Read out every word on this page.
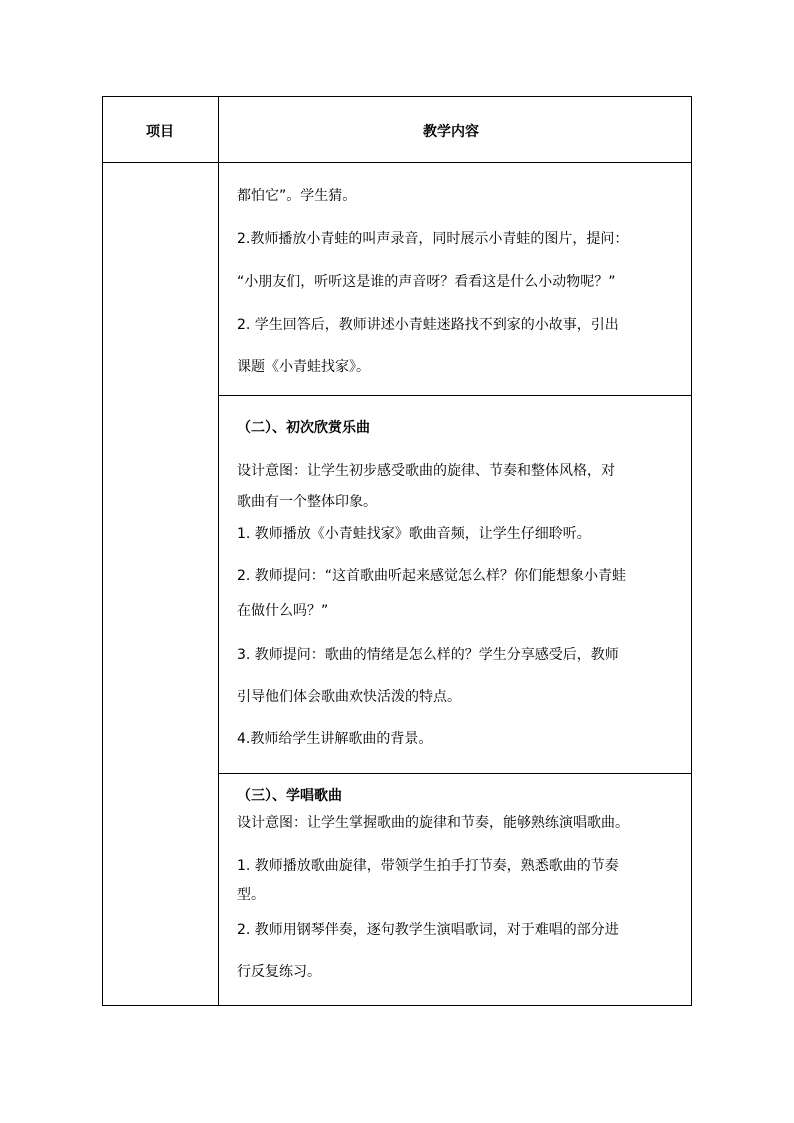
项目	教学内容
都怕它”。学生猜。
2.教师播放小青蛙的叫声录音，同时展示小青蛙的图片，提问：
“小朋友们，听听这是谁的声音呀？看看这是什么小动物呢？”
2. 学生回答后，教师讲述小青蛙迷路找不到家的小故事，引出
课题《小青蛙找家》。
（二）、初次欣赏乐曲
设计意图：让学生初步感受歌曲的旋律、节奏和整体风格，对
歌曲有一个整体印象。
1. 教师播放《小青蛙找家》歌曲音频，让学生仔细聆听。
2. 教师提问：“这首歌曲听起来感觉怎么样？你们能想象小青蛙
在做什么吗？”
3. 教师提问：歌曲的情绪是怎么样的？学生分享感受后，教师
引导他们体会歌曲欢快活泼的特点。
4.教师给学生讲解歌曲的背景。
（三）、学唱歌曲
设计意图：让学生掌握歌曲的旋律和节奏，能够熟练演唱歌曲。
1. 教师播放歌曲旋律，带领学生拍手打节奏，熟悉歌曲的节奏
型。
2. 教师用钢琴伴奏，逐句教学生演唱歌词，对于难唱的部分进
行反复练习。
